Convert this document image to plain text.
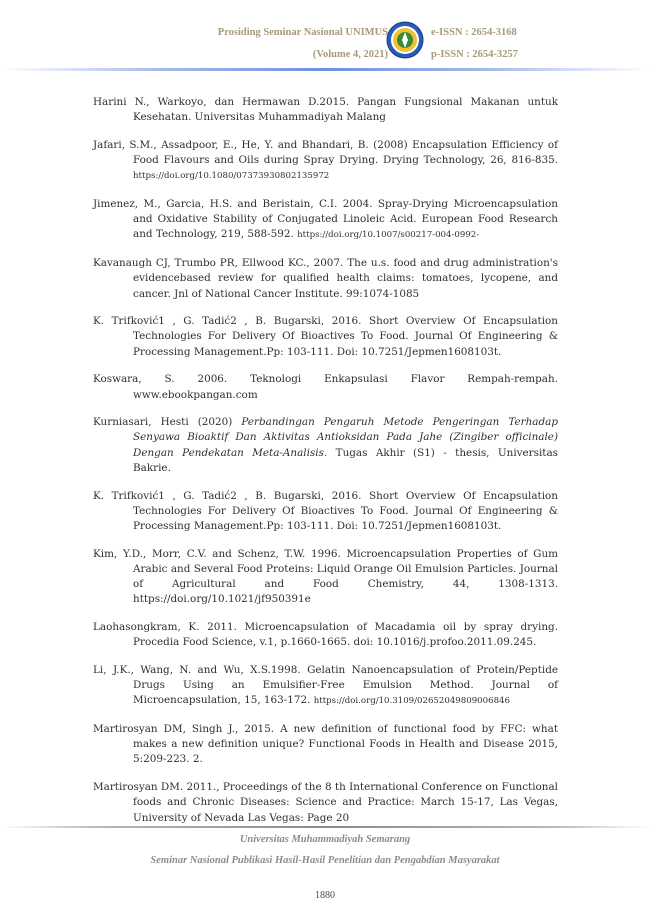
Prosiding Seminar Nasional UNIMUS
(Volume 4, 2021)
e-ISSN : 2654-3168
p-ISSN : 2654-3257

Harini N., Warkoyo, dan Hermawan D.2015. Pangan Fungsional Makanan untuk Kesehatan. Universitas Muhammadiyah Malang

Jafari, S.M., Assadpoor, E., He, Y. and Bhandari, B. (2008) Encapsulation Efficiency of Food Flavours and Oils during Spray Drying. Drying Technology, 26, 816-835. https://doi.org/10.1080/07373930802135972

Jimenez, M., Garcia, H.S. and Beristain, C.I. 2004. Spray-Drying Microencapsulation and Oxidative Stability of Conjugated Linoleic Acid. European Food Research and Technology, 219, 588-592. https://doi.org/10.1007/s00217-004-0992-

Kavanaugh CJ, Trumbo PR, Ellwood KC., 2007. The u.s. food and drug administration's evidencebased review for qualified health claims: tomatoes, lycopene, and cancer. Jnl of National Cancer Institute. 99:1074-1085

K. Trifković1 , G. Tadić2 , B. Bugarski, 2016. Short Overview Of Encapsulation Technologies For Delivery Of Bioactives To Food. Journal Of Engineering & Processing Management.Pp: 103-111. Doi: 10.7251/Jepmen1608103t.

Koswara, S. 2006. Teknologi Enkapsulasi Flavor Rempah-rempah. www.ebookpangan.com

Kurniasari, Hesti (2020) Perbandingan Pengaruh Metode Pengeringan Terhadap Senyawa Bioaktif Dan Aktivitas Antioksidan Pada Jahe (Zingiber officinale) Dengan Pendekatan Meta-Analisis. Tugas Akhir (S1) - thesis, Universitas Bakrie.

K. Trifković1 , G. Tadić2 , B. Bugarski, 2016. Short Overview Of Encapsulation Technologies For Delivery Of Bioactives To Food. Journal Of Engineering & Processing Management.Pp: 103-111. Doi: 10.7251/Jepmen1608103t.

Kim, Y.D., Morr, C.V. and Schenz, T.W. 1996. Microencapsulation Properties of Gum Arabic and Several Food Proteins: Liquid Orange Oil Emulsion Particles. Journal of Agricultural and Food Chemistry, 44, 1308-1313. https://doi.org/10.1021/jf950391e

Laohasongkram, K. 2011. Microencapsulation of Macadamia oil by spray drying. Procedia Food Science, v.1, p.1660-1665. doi: 10.1016/j.profoo.2011.09.245.

Li, J.K., Wang, N. and Wu, X.S.1998. Gelatin Nanoencapsulation of Protein/Peptide Drugs Using an Emulsifier-Free Emulsion Method. Journal of Microencapsulation, 15, 163-172. https://doi.org/10.3109/02652049809006846

Martirosyan DM, Singh J., 2015. A new definition of functional food by FFC: what makes a new definition unique? Functional Foods in Health and Disease 2015, 5:209-223. 2.

Martirosyan DM. 2011., Proceedings of the 8 th International Conference on Functional foods and Chronic Diseases: Science and Practice: March 15-17, Las Vegas, University of Nevada Las Vegas: Page 20

Universitas Muhammadiyah Semarang
Seminar Nasional Publikasi Hasil-Hasil Penelitian dan Pengabdian Masyarakat
1880
